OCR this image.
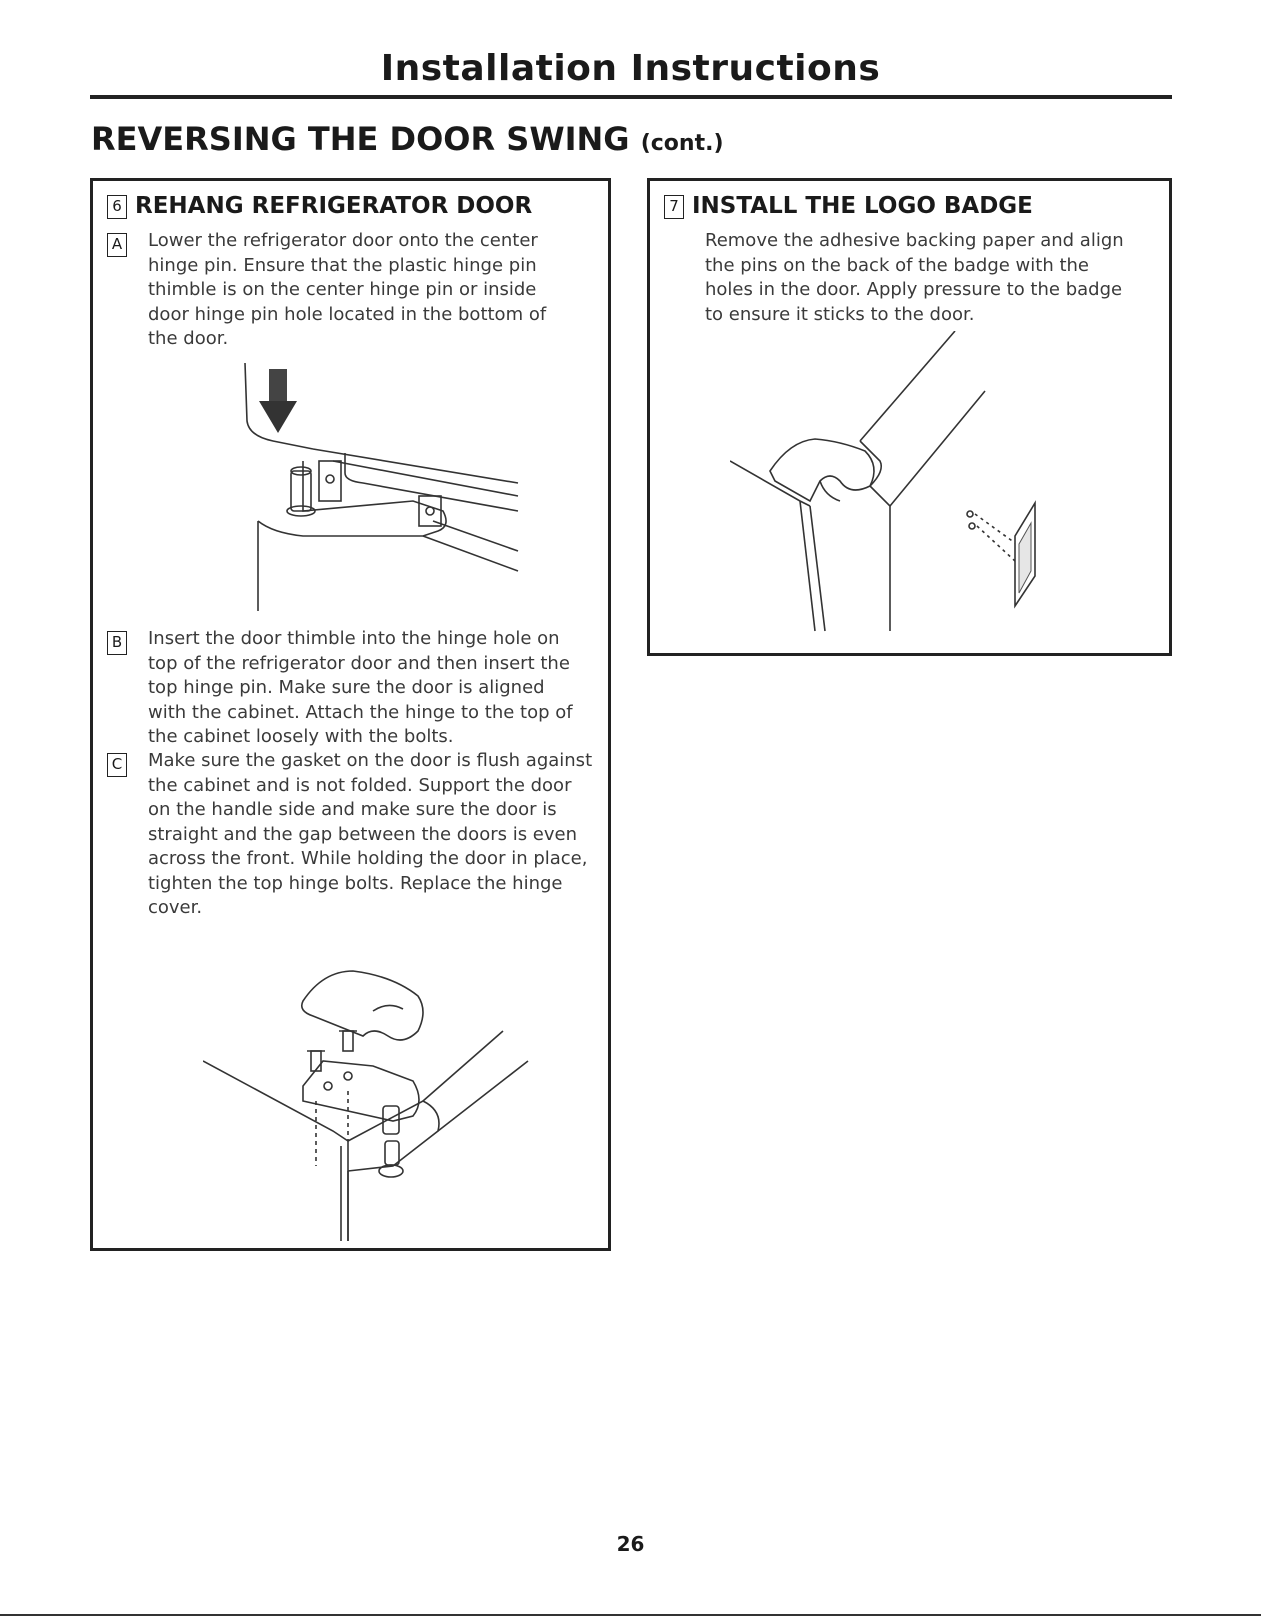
Installation Instructions
REVERSING THE DOOR SWING (cont.)
6 REHANG REFRIGERATOR DOOR
A Lower the refrigerator door onto the center hinge pin. Ensure that the plastic hinge pin thimble is on the center hinge pin or inside door hinge pin hole located in the bottom of the door.

B Insert the door thimble into the hinge hole on top of the refrigerator door and then insert the top hinge pin. Make sure the door is aligned with the cabinet. Attach the hinge to the top of the cabinet loosely with the bolts.

C Make sure the gasket on the door is flush against the cabinet and is not folded. Support the door on the handle side and make sure the door is straight and the gap between the doors is even across the front. While holding the door in place, tighten the top hinge bolts. Replace the hinge cover.

7 INSTALL THE LOGO BADGE

Remove the adhesive backing paper and align the pins on the back of the badge with the holes in the door. Apply pressure to the badge to ensure it sticks to the door.

26
